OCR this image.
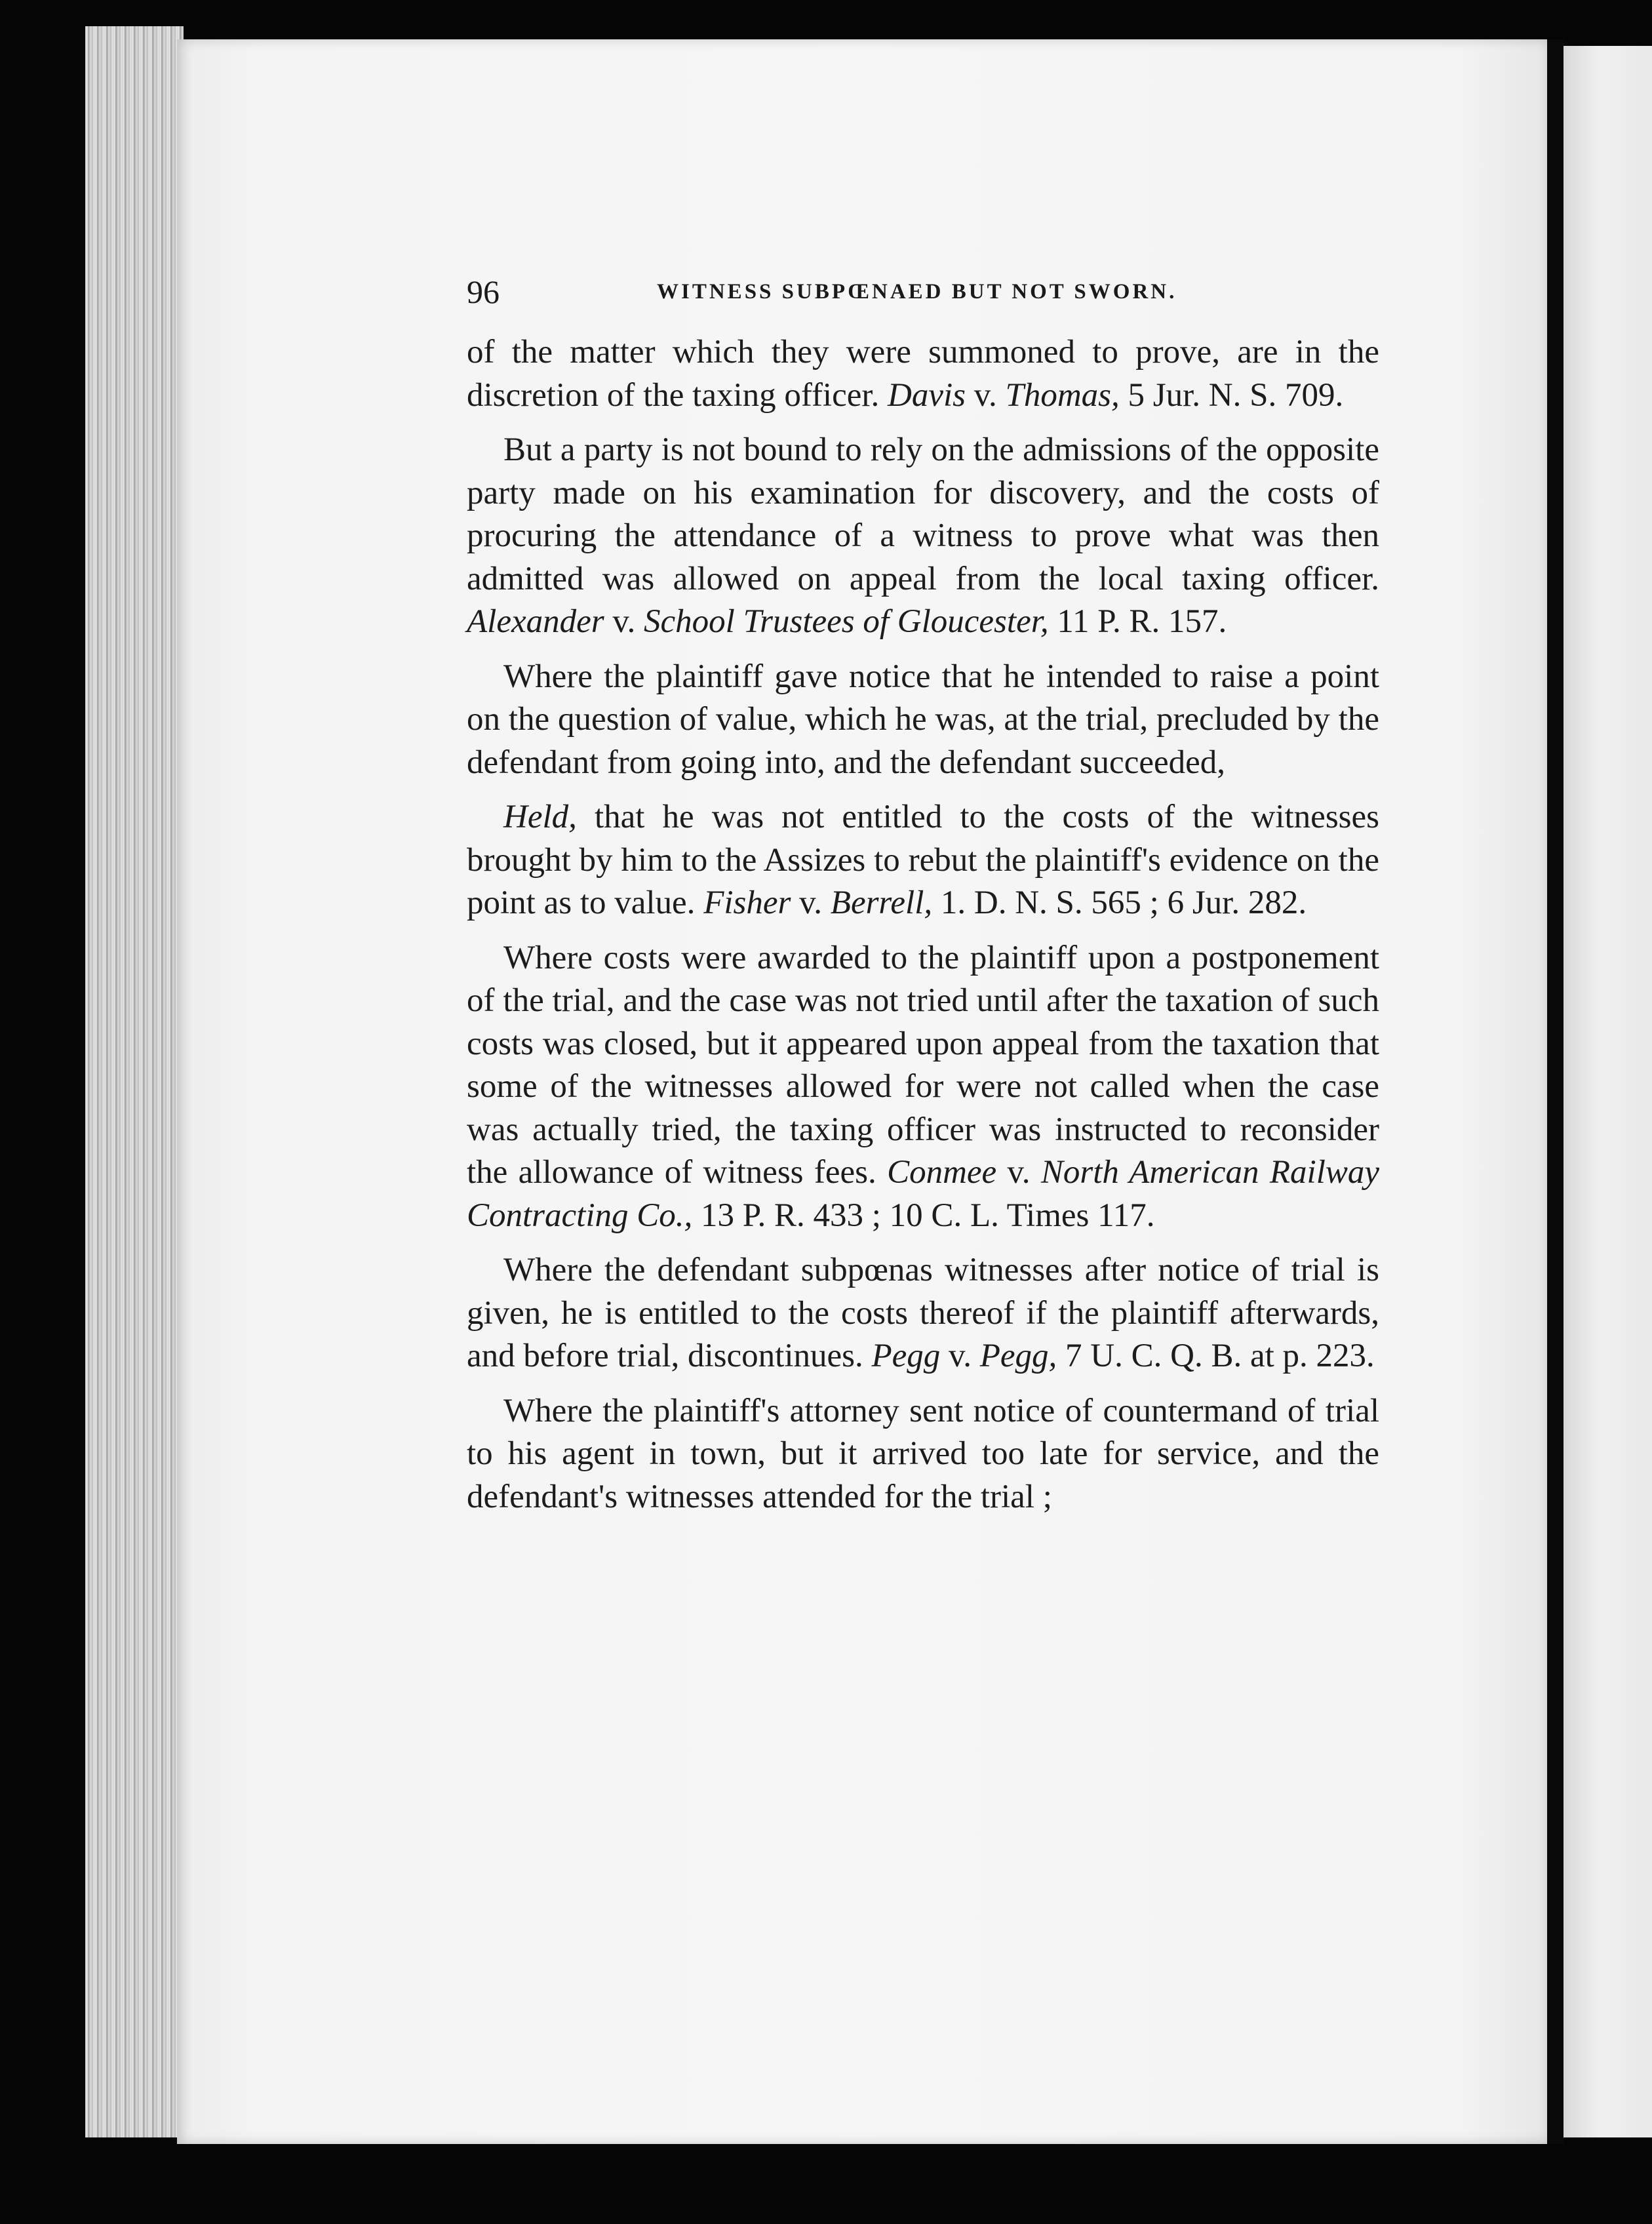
96	WITNESS SUBPŒNAED BUT NOT SWORN.

of the matter which they were summoned to prove, are in the discretion of the taxing officer. Davis v. Thomas, 5 Jur. N. S. 709.

But a party is not bound to rely on the admissions of the opposite party made on his examination for discovery, and the costs of procuring the attendance of a witness to prove what was then admitted was allowed on appeal from the local taxing officer. Alexander v. School Trustees of Gloucester, 11 P. R. 157.

Where the plaintiff gave notice that he intended to raise a point on the question of value, which he was, at the trial, precluded by the defendant from going into, and the defendant succeeded,

Held, that he was not entitled to the costs of the witnesses brought by him to the Assizes to rebut the plaintiff's evidence on the point as to value. Fisher v. Berrell, 1. D. N. S. 565 ; 6 Jur. 282.

Where costs were awarded to the plaintiff upon a postponement of the trial, and the case was not tried until after the taxation of such costs was closed, but it appeared upon appeal from the taxation that some of the witnesses allowed for were not called when the case was actually tried, the taxing officer was instructed to reconsider the allowance of witness fees. Conmee v. North American Railway Contracting Co., 13 P. R. 433 ; 10 C. L. Times 117.

Where the defendant subpœnas witnesses after notice of trial is given, he is entitled to the costs thereof if the plaintiff afterwards, and before trial, discontinues. Pegg v. Pegg, 7 U. C. Q. B. at p. 223.

Where the plaintiff's attorney sent notice of countermand of trial to his agent in town, but it arrived too late for service, and the defendant's witnesses attended for the trial ;
